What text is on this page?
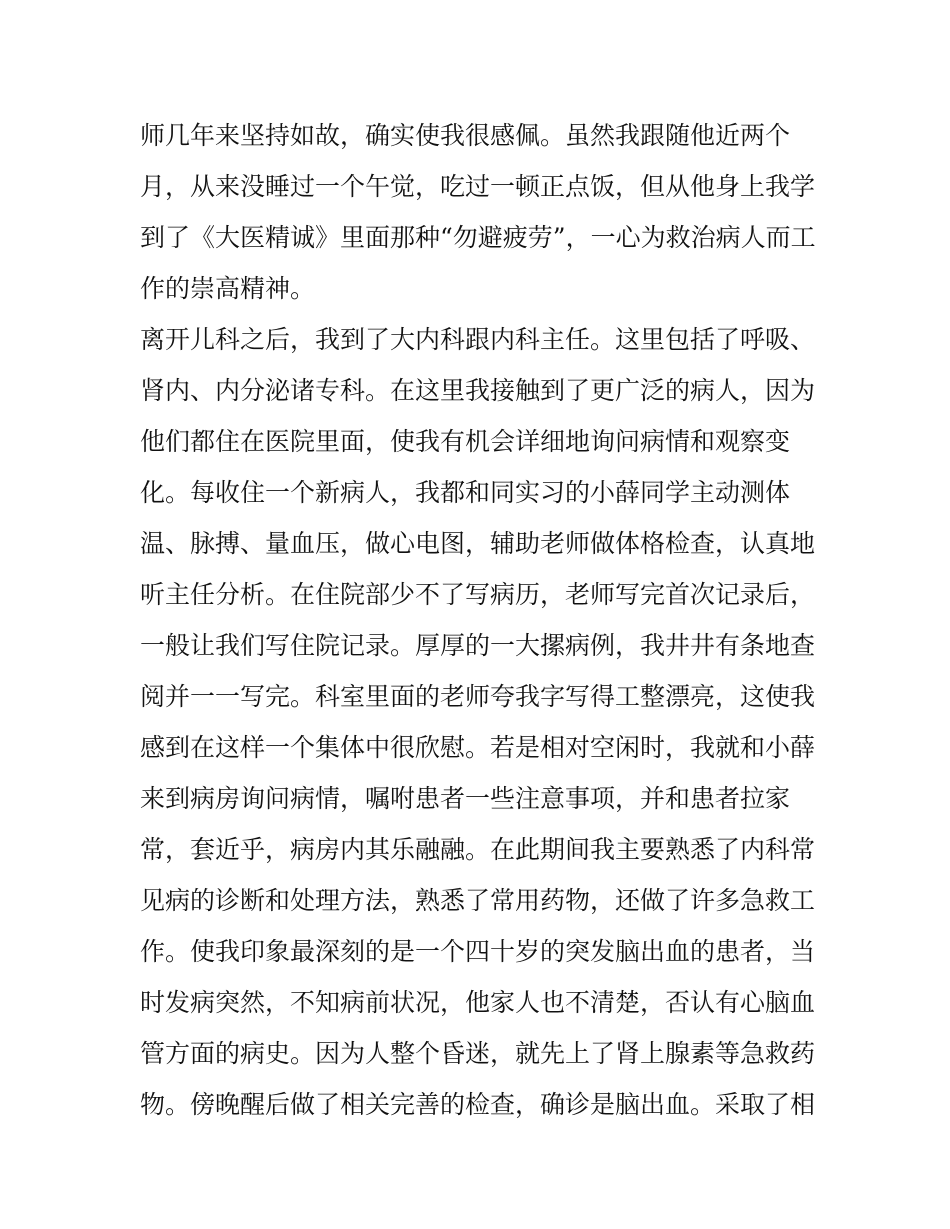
师几年来坚持如故，确实使我很感佩。虽然我跟随他近两个
月，从来没睡过一个午觉，吃过一顿正点饭，但从他身上我学
到了《大医精诚》里面那种“勿避疲劳”，一心为救治病人而工
作的崇高精神。
离开儿科之后，我到了大内科跟内科主任。这里包括了呼吸、
肾内、内分泌诸专科。在这里我接触到了更广泛的病人，因为
他们都住在医院里面，使我有机会详细地询问病情和观察变
化。每收住一个新病人，我都和同实习的小薛同学主动测体
温、脉搏、量血压，做心电图，辅助老师做体格检查，认真地
听主任分析。在住院部少不了写病历，老师写完首次记录后，
一般让我们写住院记录。厚厚的一大摞病例，我井井有条地查
阅并一一写完。科室里面的老师夸我字写得工整漂亮，这使我
感到在这样一个集体中很欣慰。若是相对空闲时，我就和小薛
来到病房询问病情，嘱咐患者一些注意事项，并和患者拉家
常，套近乎，病房内其乐融融。在此期间我主要熟悉了内科常
见病的诊断和处理方法，熟悉了常用药物，还做了许多急救工
作。使我印象最深刻的是一个四十岁的突发脑出血的患者，当
时发病突然，不知病前状况，他家人也不清楚，否认有心脑血
管方面的病史。因为人整个昏迷，就先上了肾上腺素等急救药
物。傍晚醒后做了相关完善的检查，确诊是脑出血。采取了相
